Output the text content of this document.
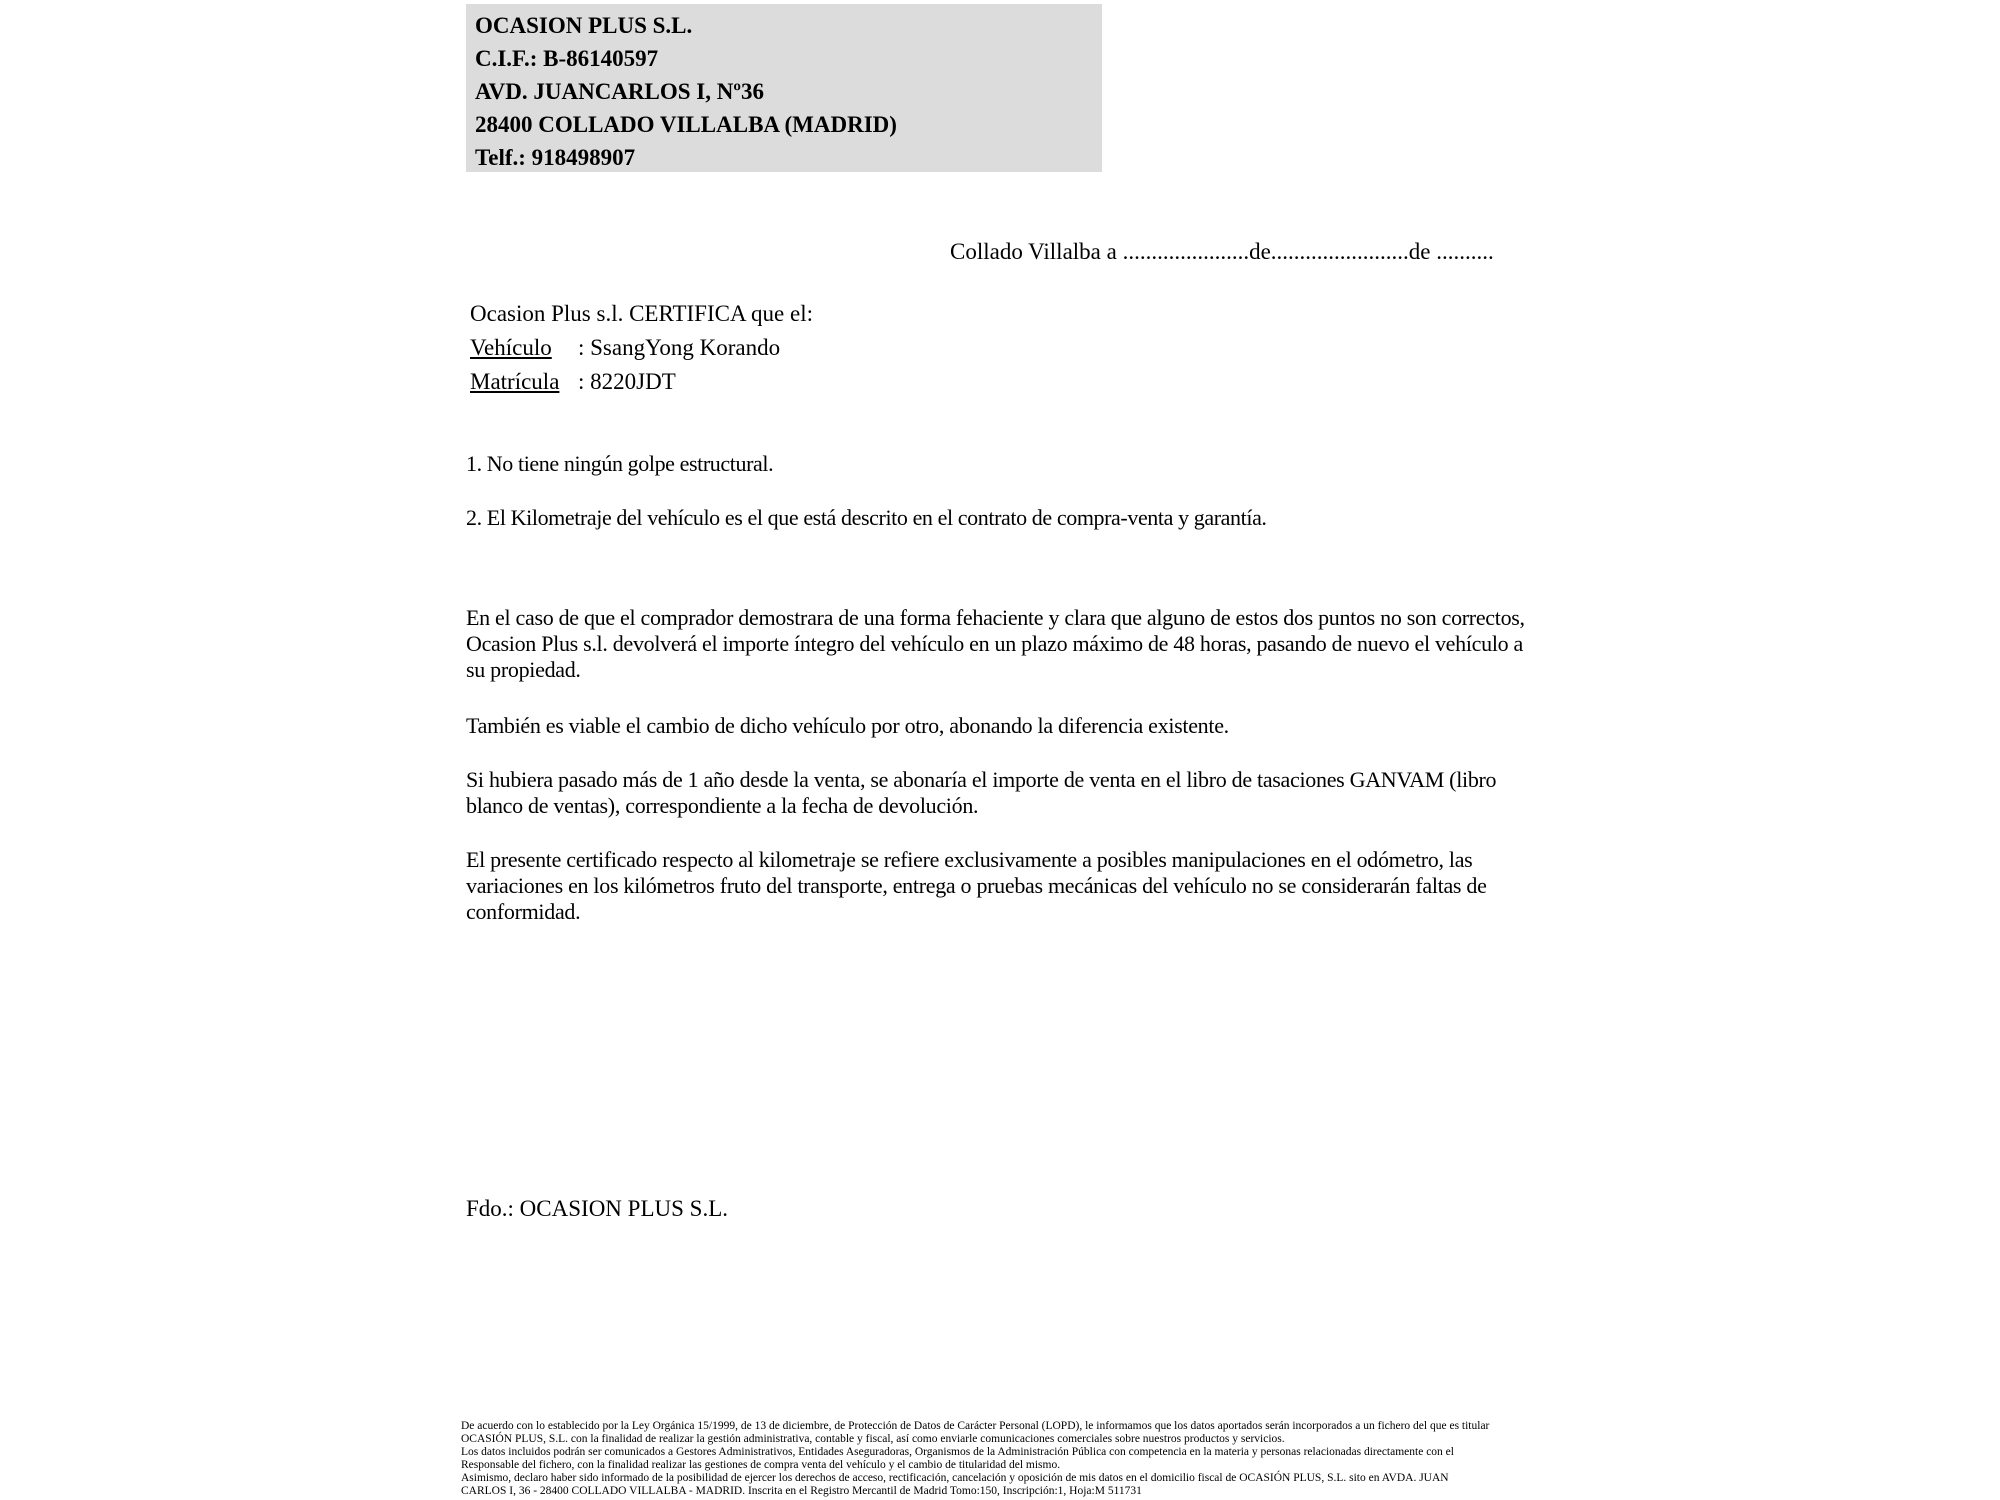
OCASION PLUS S.L.
C.I.F.: B-86140597
AVD. JUANCARLOS I, Nº36
28400 COLLADO VILLALBA (MADRID)
Telf.: 918498907
Collado Villalba a ......................de........................de ..........
Ocasion Plus s.l. CERTIFICA que el:
Vehículo : SsangYong Korando
Matrícula : 8220JDT
1. No tiene ningún golpe estructural.
2. El Kilometraje del vehículo es el que está descrito en el contrato de compra-venta y garantía.
En el caso de que el comprador demostrara de una forma fehaciente y clara que alguno de estos dos puntos no son correctos, Ocasion Plus s.l. devolverá el importe íntegro del vehículo en un plazo máximo de 48 horas, pasando de nuevo el vehículo a su propiedad.
También es viable el cambio de dicho vehículo por otro, abonando la diferencia existente.
Si hubiera pasado más de 1 año desde la venta, se abonaría el importe de venta en el libro de tasaciones GANVAM (libro blanco de ventas), correspondiente a la fecha de devolución.
El presente certificado respecto al kilometraje se refiere exclusivamente a posibles manipulaciones en el odómetro, las variaciones en los kilómetros fruto del transporte, entrega o pruebas mecánicas del vehículo no se considerarán faltas de conformidad.
Fdo.: OCASION PLUS S.L.
De acuerdo con lo establecido por la Ley Orgánica 15/1999, de 13 de diciembre, de Protección de Datos de Carácter Personal (LOPD), le informamos que los datos aportados serán incorporados a un fichero del que es titular
OCASIÓN PLUS, S.L. con la finalidad de realizar la gestión administrativa, contable y fiscal, así como enviarle comunicaciones comerciales sobre nuestros productos y servicios.
Los datos incluidos podrán ser comunicados a Gestores Administrativos, Entidades Aseguradoras, Organismos de la Administración Pública con competencia en la materia y personas relacionadas directamente con el
Responsable del fichero, con la finalidad realizar las gestiones de compra venta del vehículo y el cambio de titularidad del mismo.
Asimismo, declaro haber sido informado de la posibilidad de ejercer los derechos de acceso, rectificación, cancelación y oposición de mis datos en el domicilio fiscal de OCASIÓN PLUS, S.L. sito en AVDA. JUAN
CARLOS I, 36 - 28400 COLLADO VILLALBA - MADRID. Inscrita en el Registro Mercantil de Madrid Tomo:150, Inscripción:1, Hoja:M 511731
